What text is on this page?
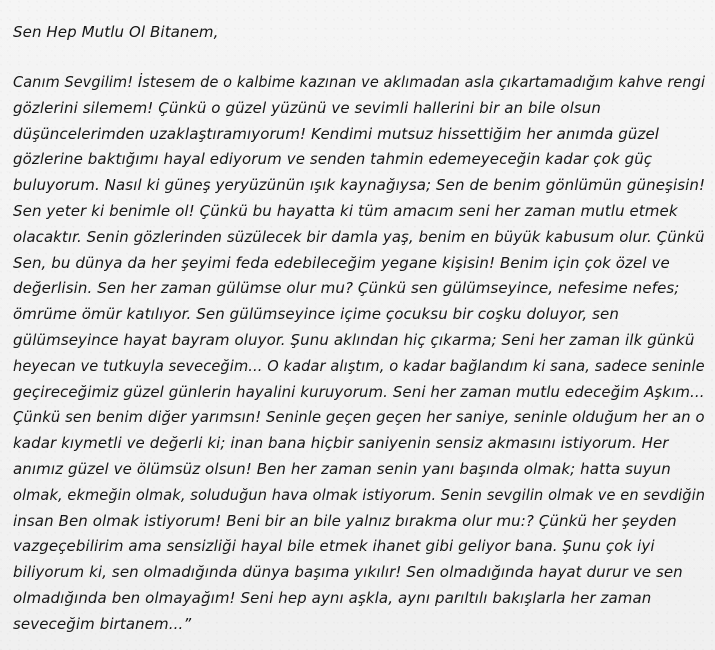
Sen Hep Mutlu Ol Bitanem,

Canım Sevgilim! İstesem de o kalbime kazınan ve aklımadan asla çıkartamadığım kahve rengi
gözlerini silemem! Çünkü o güzel yüzünü ve sevimli hallerini bir an bile olsun
düşüncelerimden uzaklaştıramıyorum! Kendimi mutsuz hissettiğim her anımda güzel
gözlerine baktığımı hayal ediyorum ve senden tahmin edemeyeceğin kadar çok güç
buluyorum. Nasıl ki güneş yeryüzünün ışık kaynağıysa; Sen de benim gönlümün güneşisin!
Sen yeter ki benimle ol! Çünkü bu hayatta ki tüm amacım seni her zaman mutlu etmek
olacaktır. Senin gözlerinden süzülecek bir damla yaş, benim en büyük kabusum olur. Çünkü
Sen, bu dünya da her şeyimi feda edebileceğim yegane kişisin! Benim için çok özel ve
değerlisin. Sen her zaman gülümse olur mu? Çünkü sen gülümseyince, nefesime nefes;
ömrüme ömür katılıyor. Sen gülümseyince içime çocuksu bir coşku doluyor, sen
gülümseyince hayat bayram oluyor. Şunu aklından hiç çıkarma; Seni her zaman ilk günkü
heyecan ve tutkuyla seveceğim... O kadar alıştım, o kadar bağlandım ki sana, sadece seninle
geçireceğimiz güzel günlerin hayalini kuruyorum. Seni her zaman mutlu edeceğim Aşkım...
Çünkü sen benim diğer yarımsın! Seninle geçen geçen her saniye, seninle olduğum her an o
kadar kıymetli ve değerli ki; inan bana hiçbir saniyenin sensiz akmasını istiyorum. Her
anımız güzel ve ölümsüz olsun! Ben her zaman senin yanı başında olmak; hatta suyun
olmak, ekmeğin olmak, soluduğun hava olmak istiyorum. Senin sevgilin olmak ve en sevdiğin
insan Ben olmak istiyorum! Beni bir an bile yalnız bırakma olur mu:? Çünkü her şeyden
vazgeçebilirim ama sensizliği hayal bile etmek ihanet gibi geliyor bana. Şunu çok iyi
biliyorum ki, sen olmadığında dünya başıma yıkılır! Sen olmadığında hayat durur ve sen
olmadığında ben olmayağım! Seni hep aynı aşkla, aynı parıltılı bakışlarla her zaman
seveceğim birtanem...”
